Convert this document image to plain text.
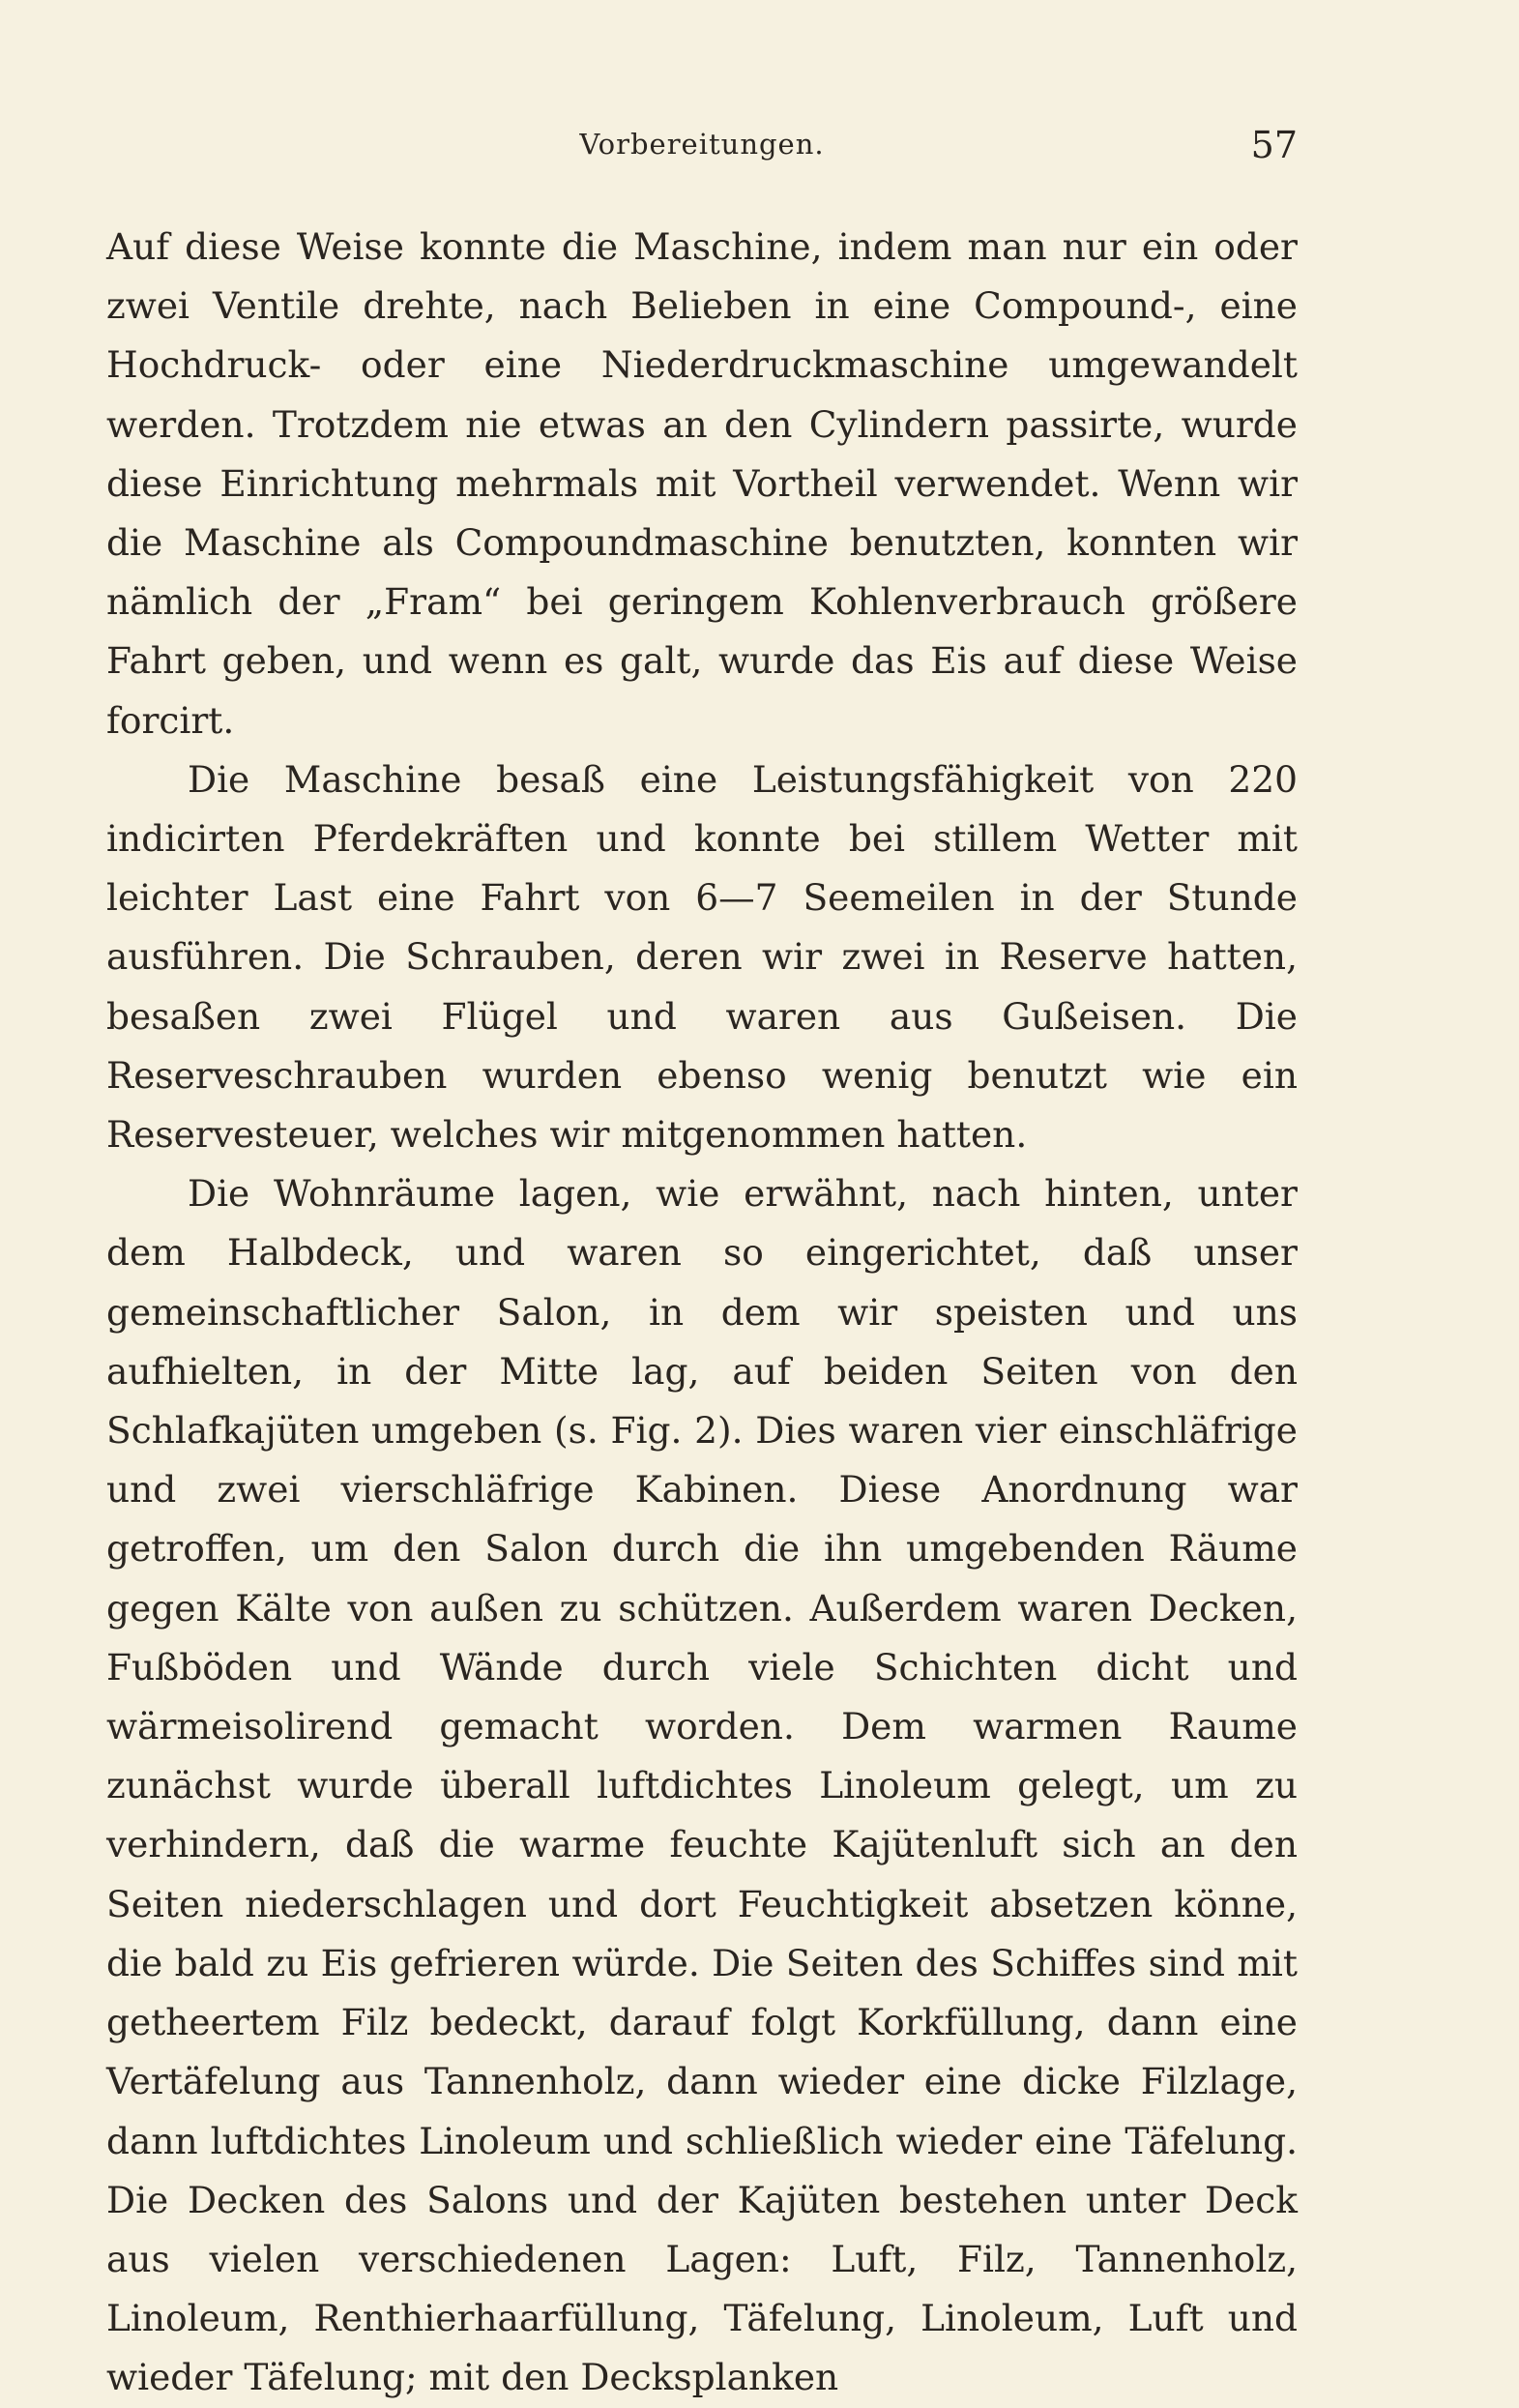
Vorbereitungen.	57

Auf diese Weise konnte die Maschine, indem man nur ein oder zwei Ventile drehte, nach Belieben in eine Compound-, eine Hochdruck- oder eine Niederdruckmaschine umgewandelt werden. Trotzdem nie etwas an den Cylindern passirte, wurde diese Einrichtung mehrmals mit Vortheil verwendet. Wenn wir die Maschine als Compoundmaschine benutzten, konnten wir nämlich der „Fram“ bei geringem Kohlenverbrauch größere Fahrt geben, und wenn es galt, wurde das Eis auf diese Weise forcirt.

Die Maschine besaß eine Leistungsfähigkeit von 220 indicirten Pferdekräften und konnte bei stillem Wetter mit leichter Last eine Fahrt von 6—7 Seemeilen in der Stunde ausführen. Die Schrauben, deren wir zwei in Reserve hatten, besaßen zwei Flügel und waren aus Gußeisen. Die Reserveschrauben wurden ebenso wenig benutzt wie ein Reservesteuer, welches wir mitgenommen hatten.

Die Wohnräume lagen, wie erwähnt, nach hinten, unter dem Halbdeck, und waren so eingerichtet, daß unser gemeinschaftlicher Salon, in dem wir speisten und uns aufhielten, in der Mitte lag, auf beiden Seiten von den Schlafkajüten umgeben (s. Fig. 2). Dies waren vier einschläfrige und zwei vierschläfrige Kabinen. Diese Anordnung war getroffen, um den Salon durch die ihn umgebenden Räume gegen Kälte von außen zu schützen. Außerdem waren Decken, Fußböden und Wände durch viele Schichten dicht und wärmeisolirend gemacht worden. Dem warmen Raume zunächst wurde überall luftdichtes Linoleum gelegt, um zu verhindern, daß die warme feuchte Kajütenluft sich an den Seiten niederschlagen und dort Feuchtigkeit absetzen könne, die bald zu Eis gefrieren würde. Die Seiten des Schiffes sind mit getheertem Filz bedeckt, darauf folgt Korkfüllung, dann eine Vertäfelung aus Tannenholz, dann wieder eine dicke Filzlage, dann luftdichtes Linoleum und schließlich wieder eine Täfelung. Die Decken des Salons und der Kajüten bestehen unter Deck aus vielen verschiedenen Lagen: Luft, Filz, Tannenholz, Linoleum, Renthierhaarfüllung, Täfelung, Linoleum, Luft und wieder Täfelung; mit den Decksplanken
